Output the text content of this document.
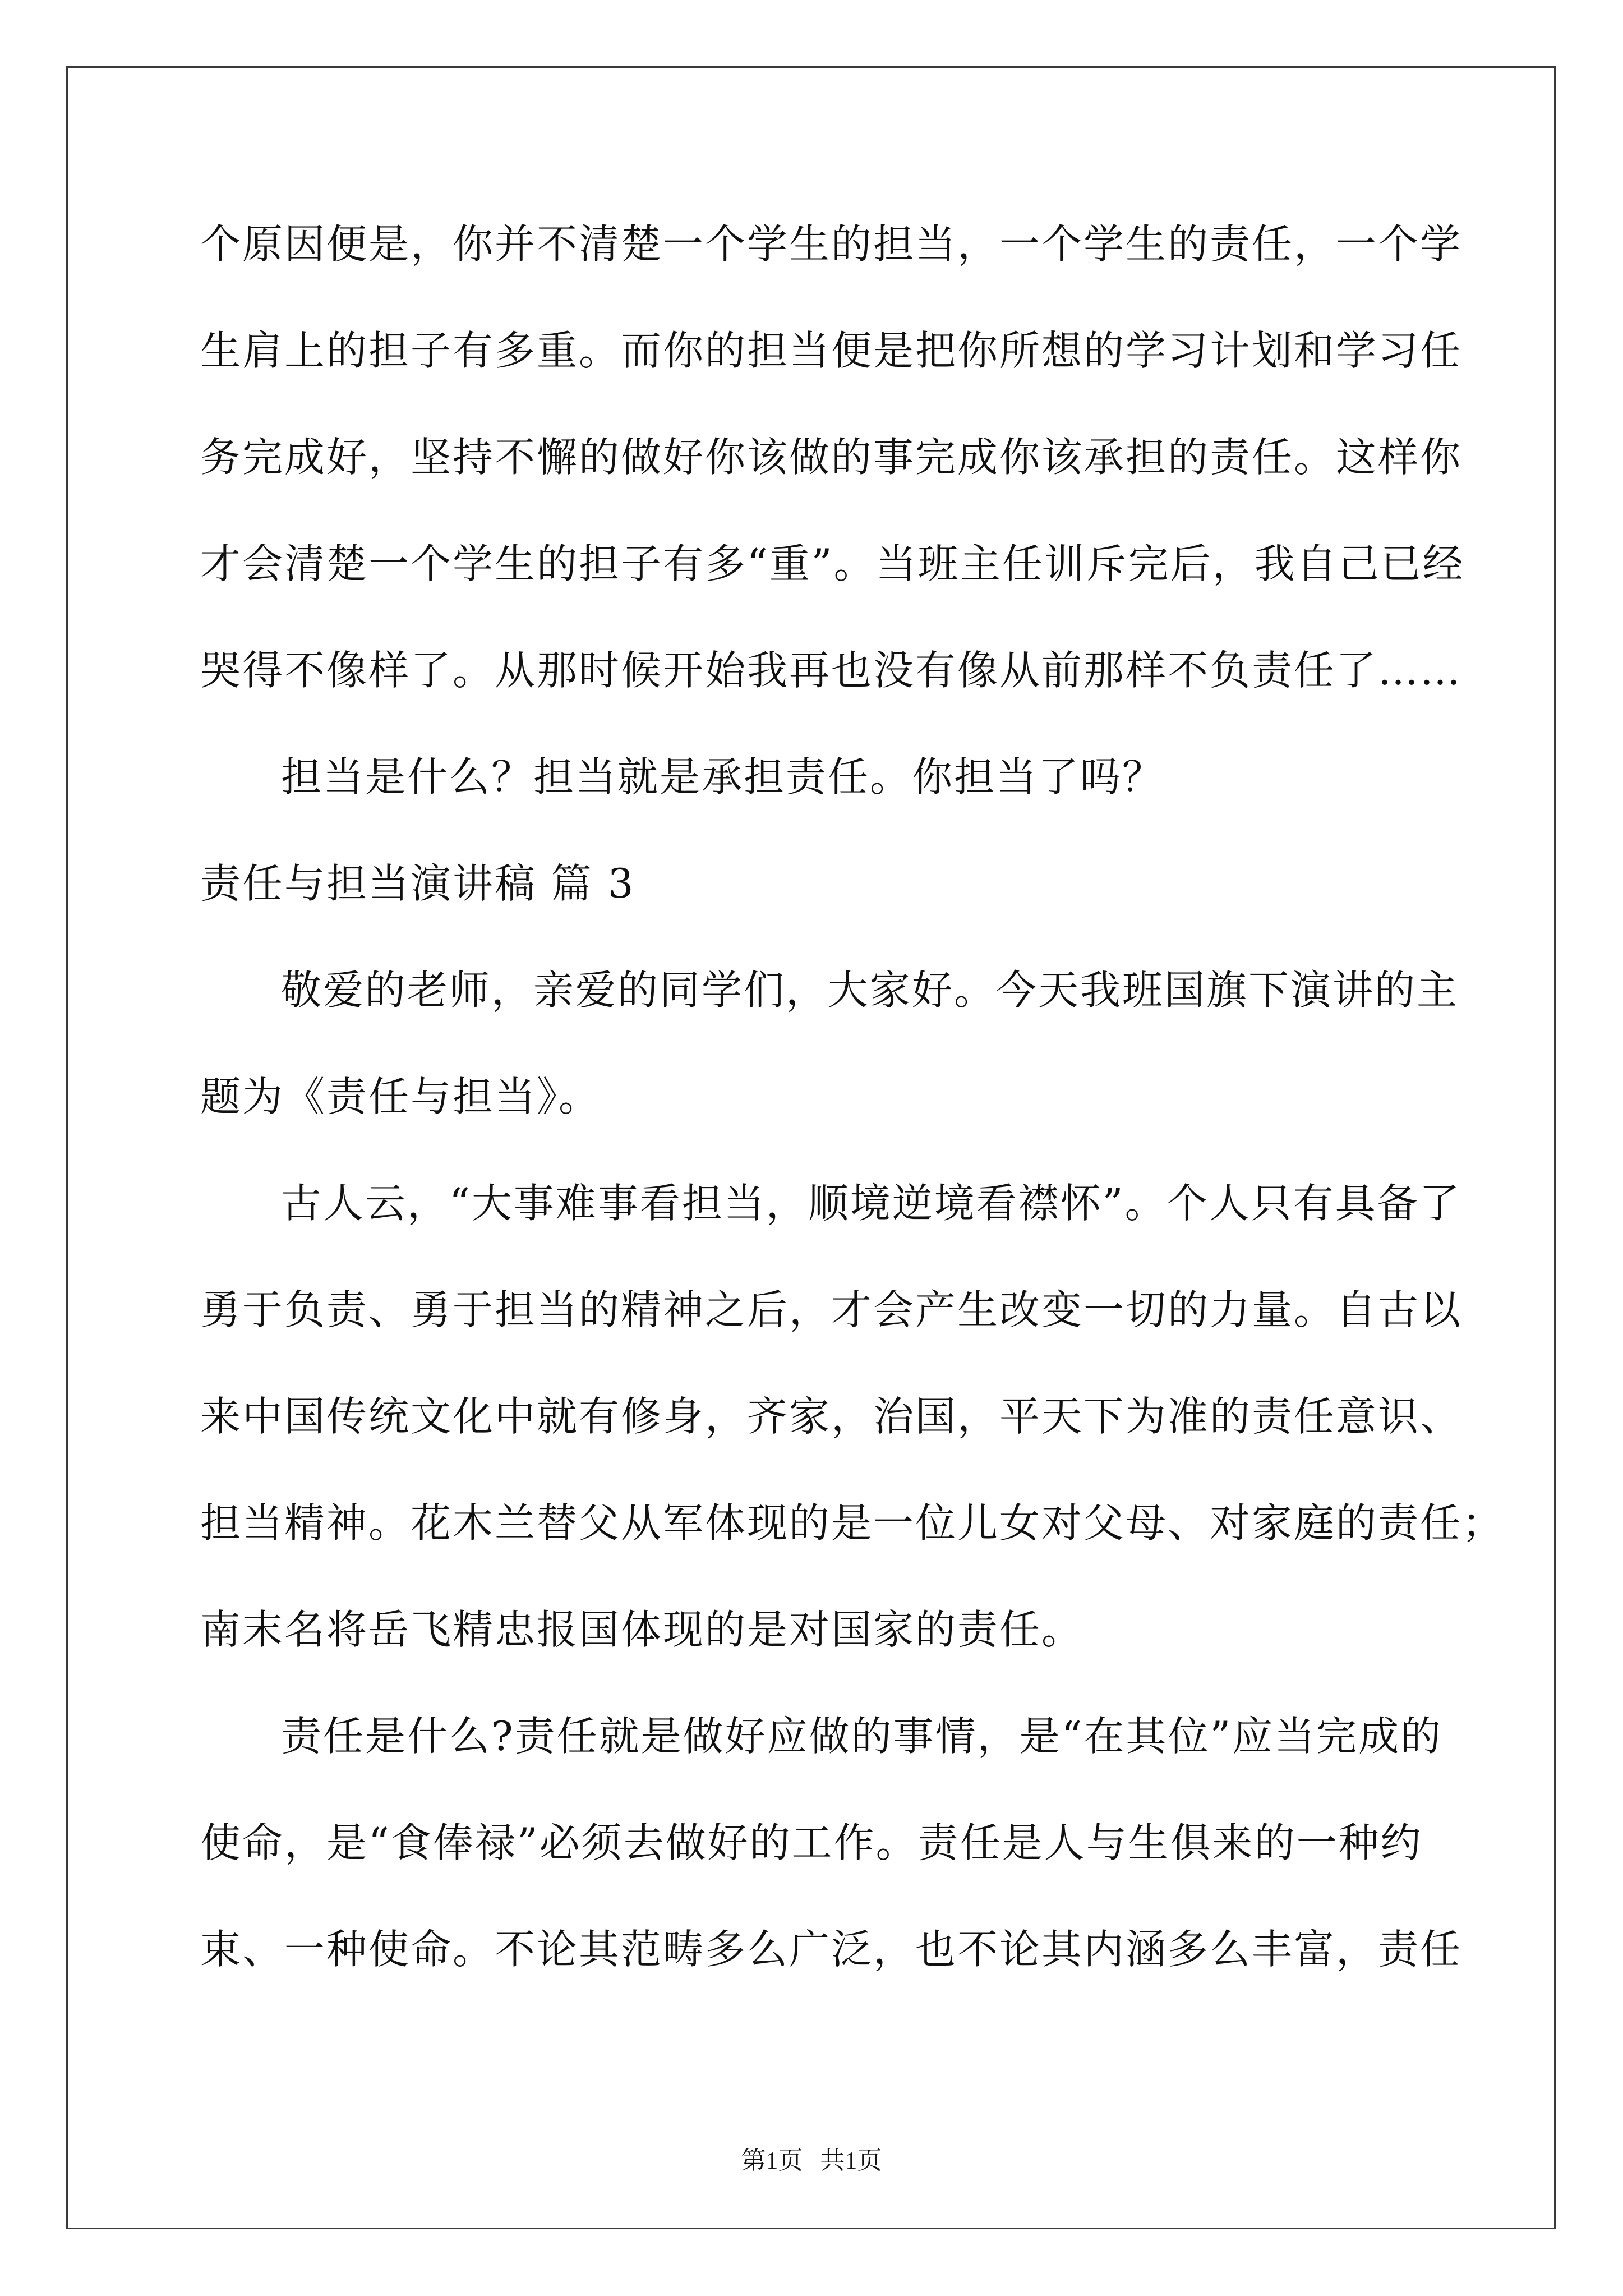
个原因便是，你并不清楚一个学生的担当，一个学生的责任，一个学
生肩上的担子有多重。而你的担当便是把你所想的学习计划和学习任
务完成好，坚持不懈的做好你该做的事完成你该承担的责任。这样你
才会清楚一个学生的担子有多“重”。当班主任训斥完后，我自己已经
哭得不像样了。从那时候开始我再也没有像从前那样不负责任了……
担当是什么？担当就是承担责任。你担当了吗？
责任与担当演讲稿 篇 3
敬爱的老师，亲爱的同学们，大家好。今天我班国旗下演讲的主
题为《责任与担当》。
古人云，“大事难事看担当，顺境逆境看襟怀”。个人只有具备了
勇于负责、勇于担当的精神之后，才会产生改变一切的力量。自古以
来中国传统文化中就有修身，齐家，治国，平天下为准的责任意识、
担当精神。花木兰替父从军体现的是一位儿女对父母、对家庭的责任；
南末名将岳飞精忠报国体现的是对国家的责任。
责任是什么?责任就是做好应做的事情，是“在其位”应当完成的
使命，是“食俸禄”必须去做好的工作。责任是人与生俱来的一种约
束、一种使命。不论其范畴多么广泛，也不论其内涵多么丰富，责任
第1页 共1页
